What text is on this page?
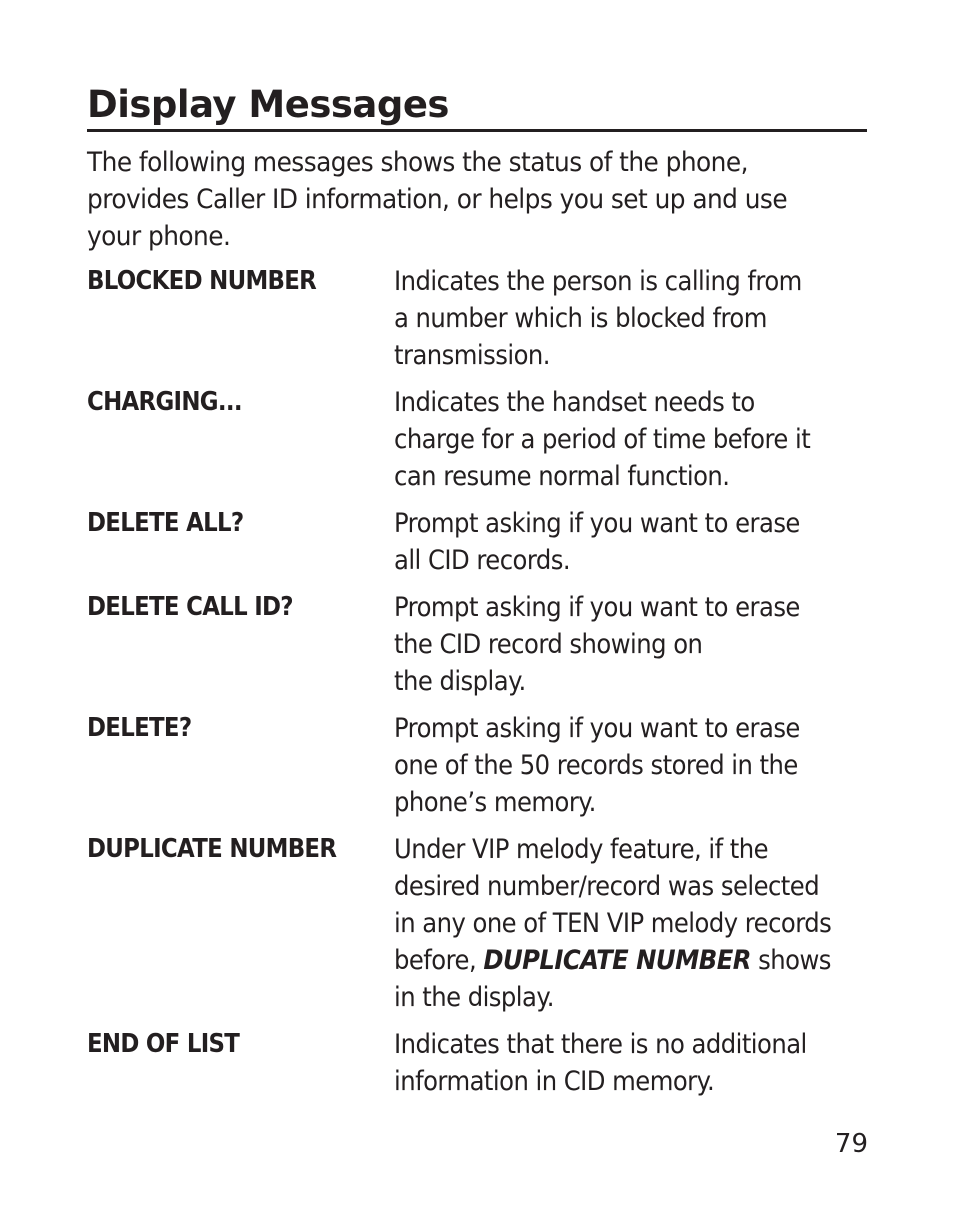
Display Messages

The following messages shows the status of the phone,
provides Caller ID information, or helps you set up and use
your phone.

BLOCKED NUMBER	Indicates the person is calling from
a number which is blocked from
transmission.
CHARGING...	Indicates the handset needs to
charge for a period of time before it
can resume normal function.
DELETE ALL?	Prompt asking if you want to erase
all CID records.
DELETE CALL ID?	Prompt asking if you want to erase
the CID record showing on
the display.
DELETE?	Prompt asking if you want to erase
one of the 50 records stored in the
phone’s memory.
DUPLICATE NUMBER	Under VIP melody feature, if the
desired number/record was selected
in any one of TEN VIP melody records
before, DUPLICATE NUMBER shows
in the display.
END OF LIST	Indicates that there is no additional
information in CID memory.
79
